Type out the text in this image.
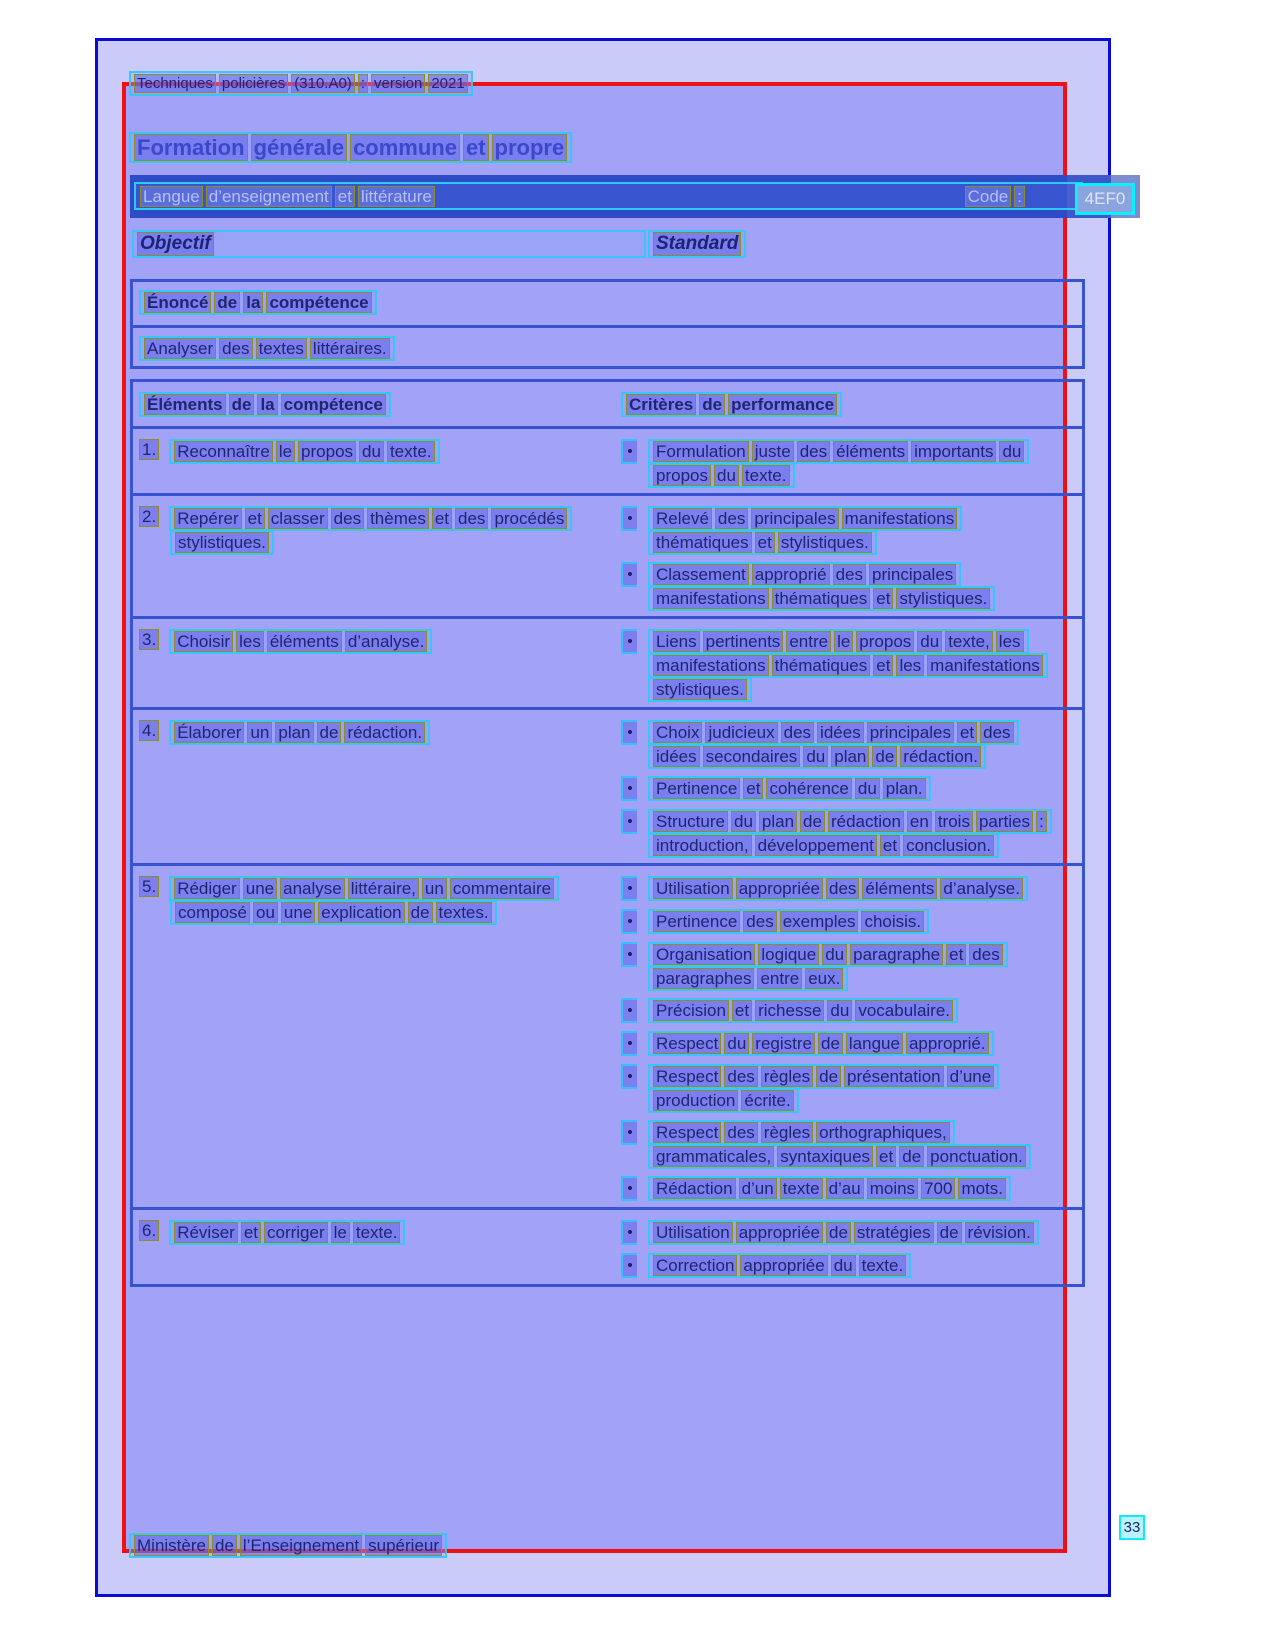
Techniques policières (310.A0) : version 2021
Formation générale commune et propre
Langue d’enseignement et littérature	Code :	4EF0
Objectif	Standard
Énoncé de la compétence
Analyser des textes littéraires.
Éléments de la compétence	Critères de performance
1.	Reconnaître le propos du texte.	•	Formulation juste des éléments importants du
propos du texte.
2.	Repérer et classer des thèmes et des procédés
stylistiques.
•	Relevé des principales manifestations
thématiques et stylistiques.
•	Classement approprié des principales
manifestations thématiques et stylistiques.
3.	Choisir les éléments d’analyse.	•	Liens pertinents entre le propos du texte, les
manifestations thématiques et les manifestations
stylistiques.
4.	Élaborer un plan de rédaction.	•	Choix judicieux des idées principales et des
idées secondaires du plan de rédaction.
•	Pertinence et cohérence du plan.
•	Structure du plan de rédaction en trois parties :
introduction, développement et conclusion.
5.	Rédiger une analyse littéraire, un commentaire
composé ou une explication de textes.
•	Utilisation appropriée des éléments d’analyse.
•	Pertinence des exemples choisis.
•	Organisation logique du paragraphe et des
paragraphes entre eux.
•	Précision et richesse du vocabulaire.
•	Respect du registre de langue approprié.
•	Respect des règles de présentation d’une
production écrite.
•	Respect des règles orthographiques,
grammaticales, syntaxiques et de ponctuation.
•	Rédaction d’un texte d’au moins 700 mots.
6.	Réviser et corriger le texte.	•	Utilisation appropriée de stratégies de révision.
•	Correction appropriée du texte.
Ministère de l’Enseignement supérieur
33
